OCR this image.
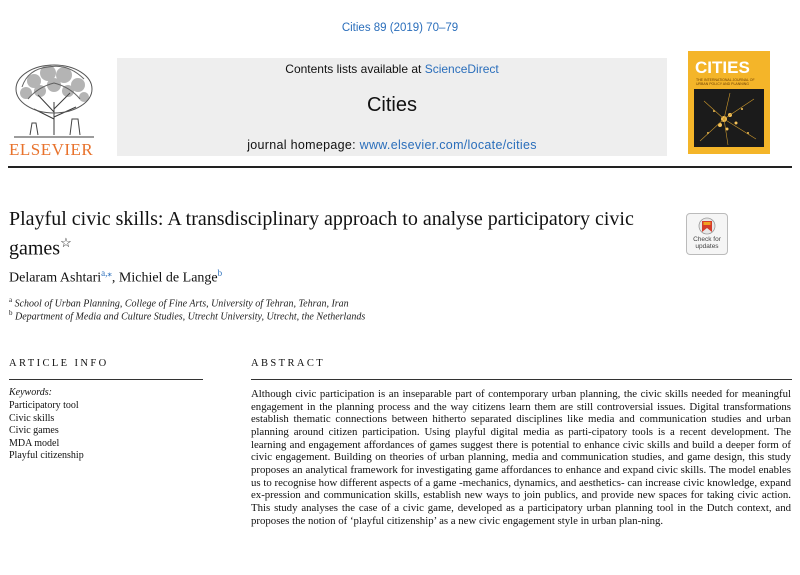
Cities 89 (2019) 70–79
ELSEVIER
Contents lists available at ScienceDirect
Cities
journal homepage: www.elsevier.com/locate/cities
CITIES
THE INTERNATIONAL JOURNAL OF URBAN POLICY AND PLANNING
Playful civic skills: A transdisciplinary approach to analyse participatory civic games☆	Check for
updates
Delaram Ashtari$^{a,⁎}$, Michiel de Lange$^b$
$^a$ School of Urban Planning, College of Fine Arts, University of Tehran, Tehran, Iran
$^b$ Department of Media and Culture Studies, Utrecht University, Utrecht, the Netherlands
ARTICLE INFO
Keywords:
Participatory tool
Civic skills
Civic games
MDA model
Playful citizenship
ABSTRACT
Although civic participation is an inseparable part of contemporary urban planning, the civic skills needed for meaningful engagement in the planning process and the way citizens learn them are still controversial issues. Digital transformations establish thematic connections between hitherto separated disciplines like media and communication studies and urban planning around citizen participation. Using playful digital media as parti-cipatory tools is a recent development. The learning and engagement affordances of games suggest there is potential to enhance civic skills and build a deeper form of civic engagement. Building on theories of urban planning, media and communication studies, and game design, this study proposes an analytical framework for investigating game affordances to enhance and expand civic skills. The model enables us to recognise how different aspects of a game -mechanics, dynamics, and aesthetics- can increase civic knowledge, expand ex-pression and communication skills, establish new ways to join publics, and provide new spaces for taking civic action. This study analyses the case of a civic game, developed as a participatory urban planning tool in the Dutch context, and proposes the notion of ‘playful citizenship’ as a new civic engagement style in urban plan-ning.
